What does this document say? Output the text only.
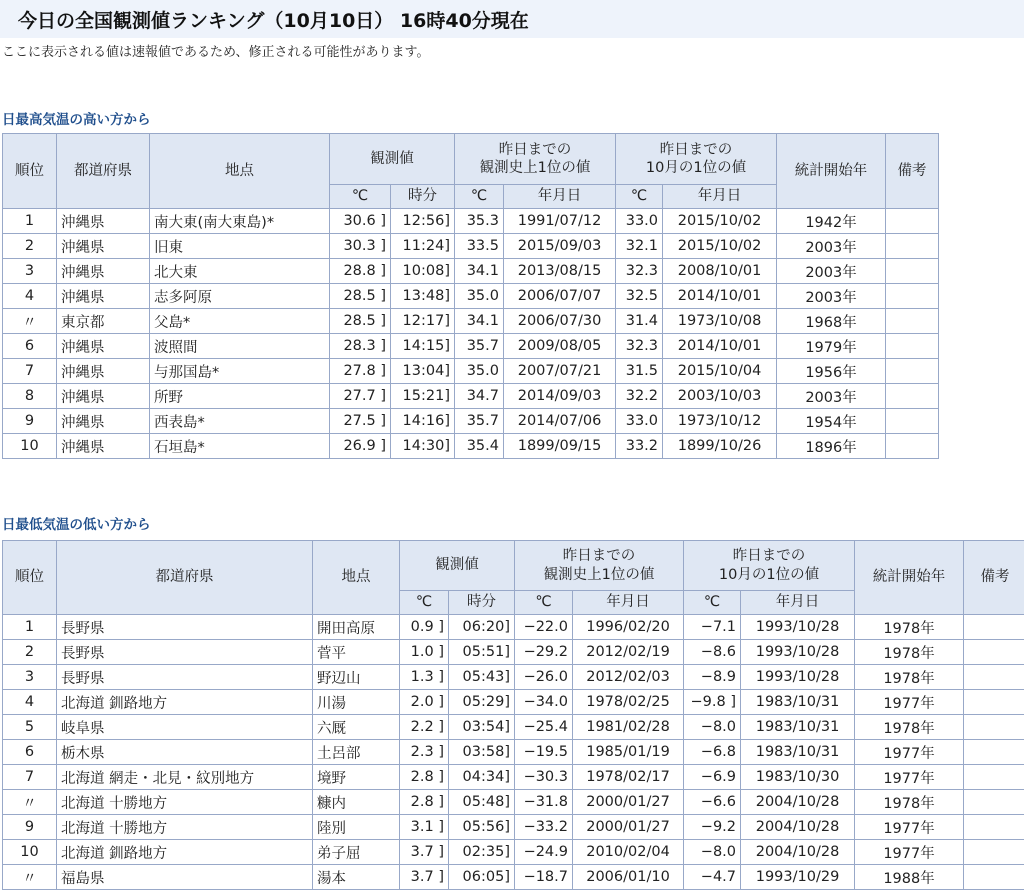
今日の全国観測値ランキング（10月10日） 16時40分現在
ここに表示される値は速報値であるため、修正される可能性があります。
日最高気温の高い方から
順位	都道府県	地点	観測値		昨日までの
観測史上1位の値		昨日までの
10月の1位の値		統計開始年	備考
			℃	時分	℃	年月日	℃	年月日		
1	沖縄県	南大東(南大東島)*	30.6 ]	12:56]	35.3	1991/07/12	33.0	2015/10/02	1942年	
2	沖縄県	旧東	30.3 ]	11:24]	33.5	2015/09/03	32.1	2015/10/02	2003年	
3	沖縄県	北大東	28.8 ]	10:08]	34.1	2013/08/15	32.3	2008/10/01	2003年	
4	沖縄県	志多阿原	28.5 ]	13:48]	35.0	2006/07/07	32.5	2014/10/01	2003年	
〃	東京都	父島*	28.5 ]	12:17]	34.1	2006/07/30	31.4	1973/10/08	1968年	
6	沖縄県	波照間	28.3 ]	14:15]	35.7	2009/08/05	32.3	2014/10/01	1979年	
7	沖縄県	与那国島*	27.8 ]	13:04]	35.0	2007/07/21	31.5	2015/10/04	1956年	
8	沖縄県	所野	27.7 ]	15:21]	34.7	2014/09/03	32.2	2003/10/03	2003年	
9	沖縄県	西表島*	27.5 ]	14:16]	35.7	2014/07/06	33.0	1973/10/12	1954年	
10	沖縄県	石垣島*	26.9 ]	14:30]	35.4	1899/09/15	33.2	1899/10/26	1896年	
日最低気温の低い方から
順位	都道府県	地点	観測値		昨日までの
観測史上1位の値		昨日までの
10月の1位の値		統計開始年	備考
			℃	時分	℃	年月日	℃	年月日		
1	長野県	開田高原	0.9 ]	06:20]	−22.0	1996/02/20	−7.1	1993/10/28	1978年	
2	長野県	菅平	1.0 ]	05:51]	−29.2	2012/02/19	−8.6	1993/10/28	1978年	
3	長野県	野辺山	1.3 ]	05:43]	−26.0	2012/02/03	−8.9	1993/10/28	1978年	
4	北海道 釧路地方	川湯	2.0 ]	05:29]	−34.0	1978/02/25	−9.8 ]	1983/10/31	1977年	
5	岐阜県	六厩	2.2 ]	03:54]	−25.4	1981/02/28	−8.0	1983/10/31	1978年	
6	栃木県	土呂部	2.3 ]	03:58]	−19.5	1985/01/19	−6.8	1983/10/31	1977年	
7	北海道 網走・北見・紋別地方	境野	2.8 ]	04:34]	−30.3	1978/02/17	−6.9	1983/10/30	1977年	
〃	北海道 十勝地方	糠内	2.8 ]	05:48]	−31.8	2000/01/27	−6.6	2004/10/28	1978年	
9	北海道 十勝地方	陸別	3.1 ]	05:56]	−33.2	2000/01/27	−9.2	2004/10/28	1977年	
10	北海道 釧路地方	弟子屈	3.7 ]	02:35]	−24.9	2010/02/04	−8.0	2004/10/28	1977年	
〃	福島県	湯本	3.7 ]	06:05]	−18.7	2006/01/10	−4.7	1993/10/29	1988年	
